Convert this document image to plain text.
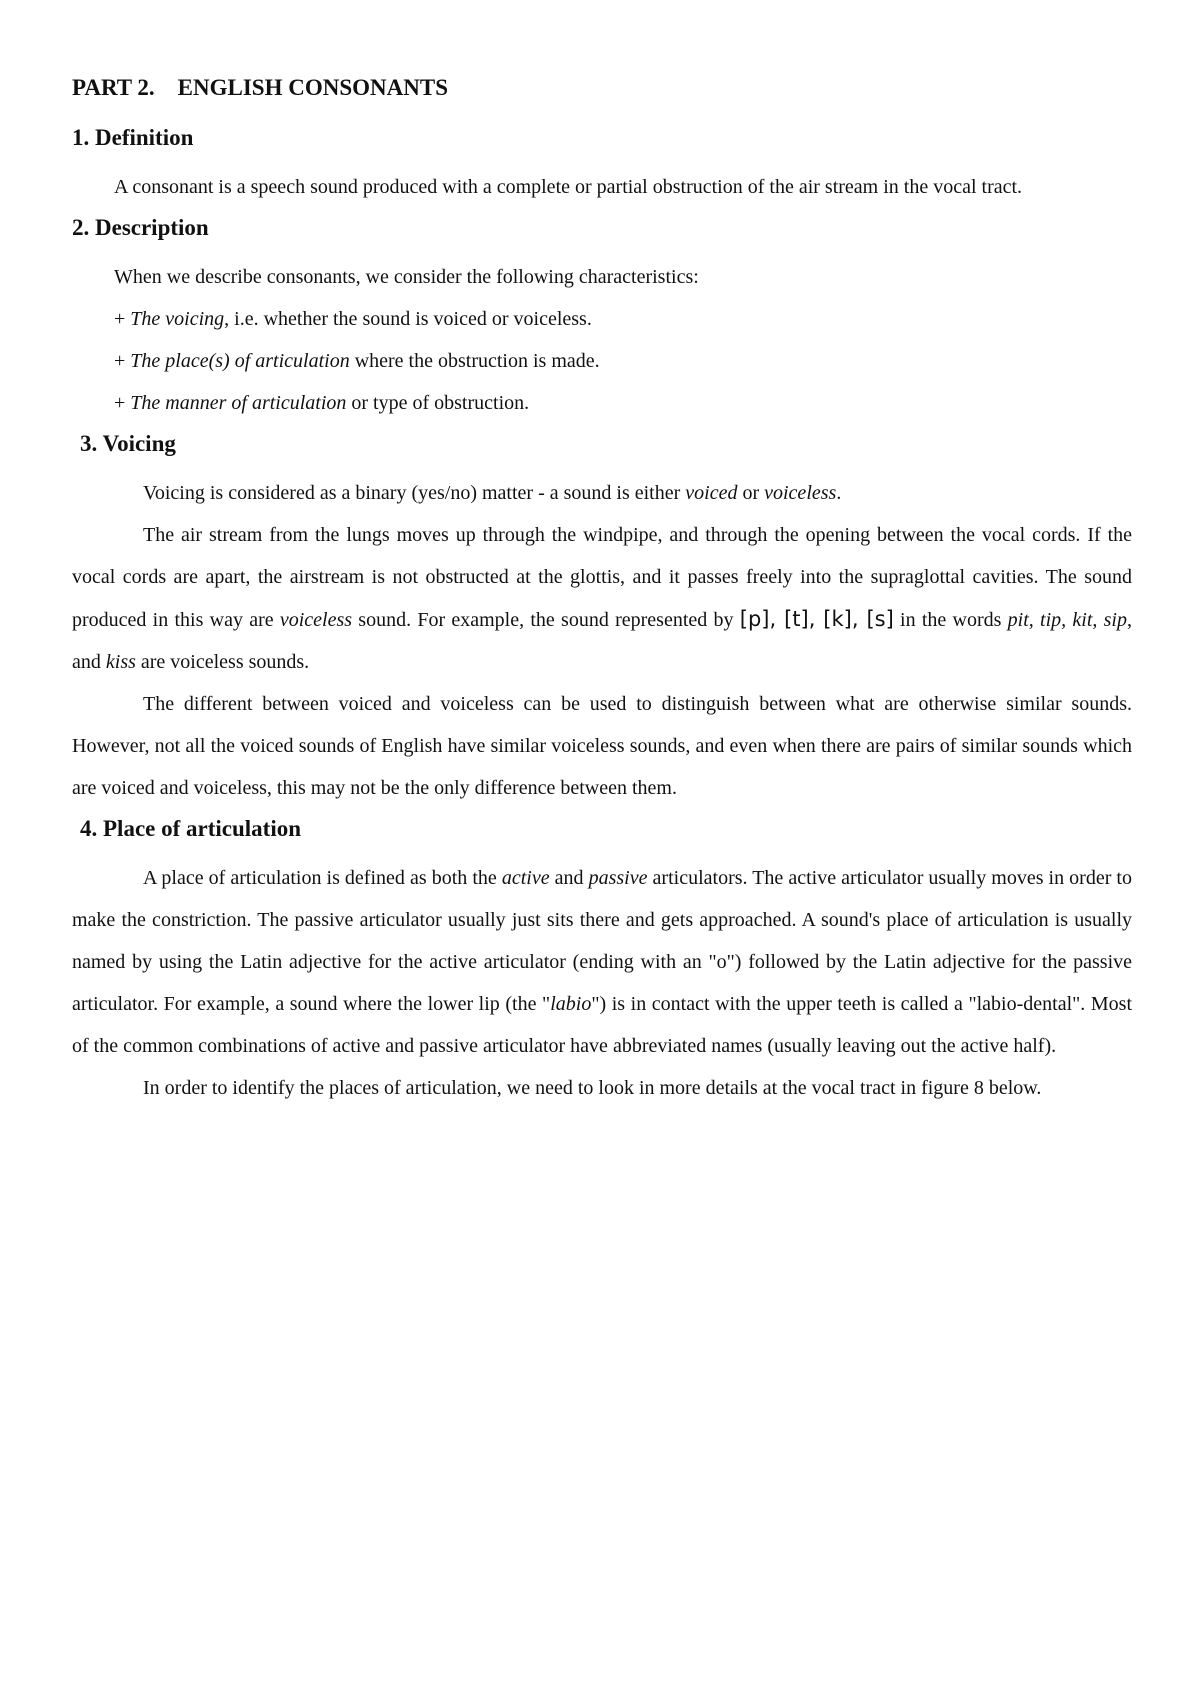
PART 2.    ENGLISH CONSONANTS
1. Definition

A consonant is a speech sound produced with a complete or partial obstruction of the air stream in the vocal tract.

2. Description

When we describe consonants, we consider the following characteristics:

+ The voicing, i.e. whether the sound is voiced or voiceless.

+ The place(s) of articulation where the obstruction is made.

+ The manner of articulation or type of obstruction.

3. Voicing

Voicing is considered as a binary (yes/no) matter - a sound is either voiced or voiceless.

The air stream from the lungs moves up through the windpipe, and through the opening between the vocal cords. If the vocal cords are apart, the airstream is not obstructed at the glottis, and it passes freely into the supraglottal cavities. The sound produced in this way are voiceless sound. For example, the sound represented by [p], [t], [k], [s] in the words pit, tip, kit, sip, and kiss are voiceless sounds.

The different between voiced and voiceless can be used to distinguish between what are otherwise similar sounds. However, not all the voiced sounds of English have similar voiceless sounds, and even when there are pairs of similar sounds which are voiced and voiceless, this may not be the only difference between them.

4. Place of articulation

A place of articulation is defined as both the active and passive articulators. The active articulator usually moves in order to make the constriction. The passive articulator usually just sits there and gets approached. A sound's place of articulation is usually named by using the Latin adjective for the active articulator (ending with an "o") followed by the Latin adjective for the passive articulator. For example, a sound where the lower lip (the "labio") is in contact with the upper teeth is called a "labio-dental". Most of the common combinations of active and passive articulator have abbreviated names (usually leaving out the active half).

In order to identify the places of articulation, we need to look in more details at the vocal tract in figure 8 below.
